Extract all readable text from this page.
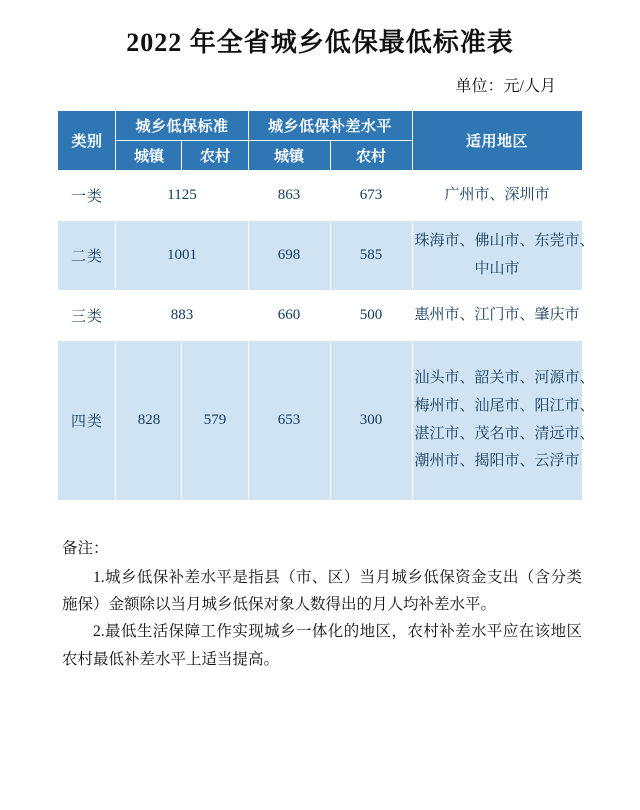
2022 年全省城乡低保最低标准表
单位：元/人月
类别	城乡低保标准		城乡低保补差水平		适用地区
	城镇	农村	城镇	农村	
一类	1125		863	673	广州市、深圳市

二类	1001		698	585	珠海市、佛山市、东莞市、
中山市

三类	883		660	500	惠州市、江门市、肇庆市

四类	828	579	653	300	汕头市、韶关市、河源市、
梅州市、汕尾市、阳江市、
湛江市、茂名市、清远市、
潮州市、揭阳市、云浮市

备注：

1.城乡低保补差水平是指县（市、区）当月城乡低保资金支出（含分类施保）金额除以当月城乡低保对象人数得出的月人均补差水平。

2.最低生活保障工作实现城乡一体化的地区，农村补差水平应在该地区农村最低补差水平上适当提高。
